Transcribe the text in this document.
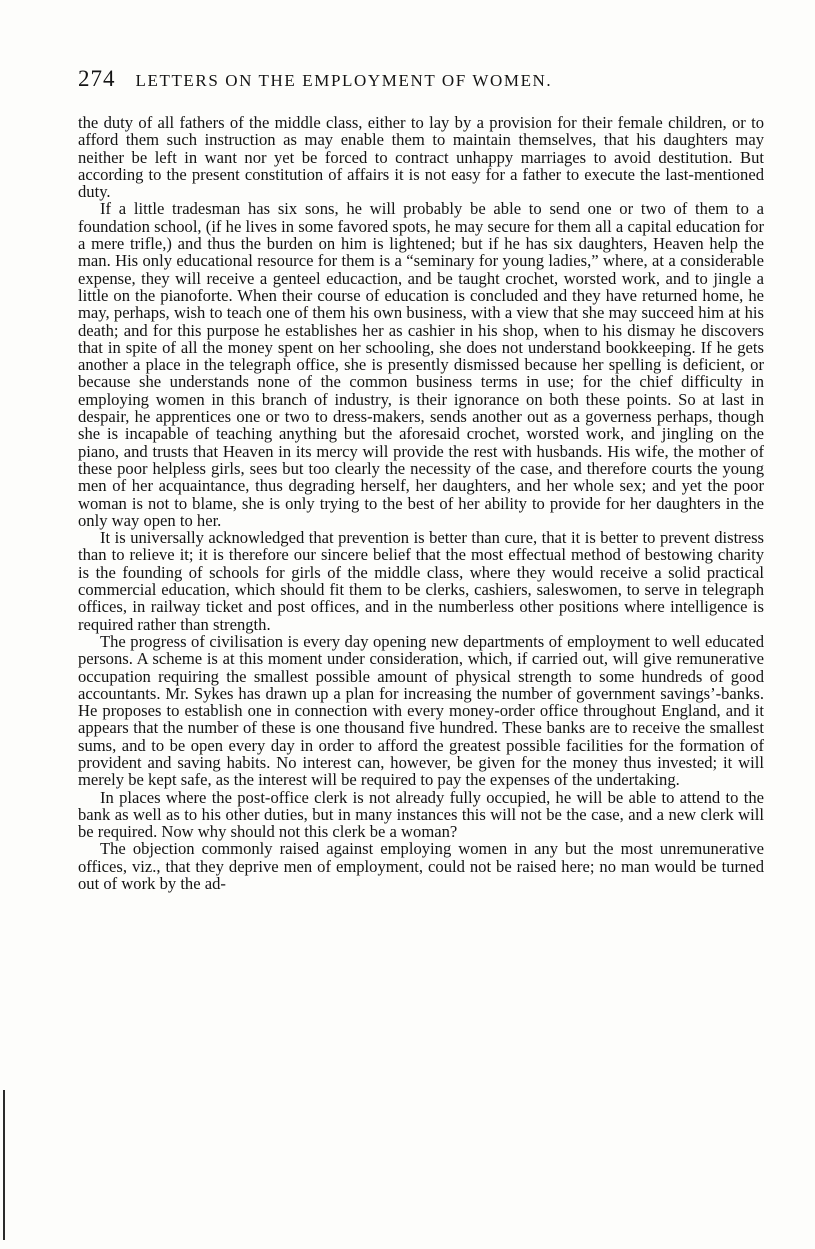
274 LETTERS ON THE EMPLOYMENT OF WOMEN.

the duty of all fathers of the middle class, either to lay by a provision for their female children, or to afford them such instruction as may enable them to maintain themselves, that his daughters may neither be left in want nor yet be forced to contract unhappy marriages to avoid destitution. But according to the present constitution of affairs it is not easy for a father to execute the last-mentioned duty.

If a little tradesman has six sons, he will probably be able to send one or two of them to a foundation school, (if he lives in some favored spots, he may secure for them all a capital education for a mere trifle,) and thus the burden on him is lightened; but if he has six daughters, Heaven help the man. His only educational resource for them is a “seminary for young ladies,” where, at a considerable expense, they will receive a genteel educaction, and be taught crochet, worsted work, and to jingle a little on the pianoforte. When their course of education is concluded and they have returned home, he may, perhaps, wish to teach one of them his own business, with a view that she may succeed him at his death; and for this purpose he establishes her as cashier in his shop, when to his dismay he discovers that in spite of all the money spent on her schooling, she does not understand bookkeeping. If he gets another a place in the telegraph office, she is presently dismissed because her spelling is deficient, or because she understands none of the common business terms in use; for the chief difficulty in employing women in this branch of industry, is their ignorance on both these points. So at last in despair, he apprentices one or two to dress-makers, sends another out as a governess perhaps, though she is incapable of teaching anything but the aforesaid crochet, worsted work, and jingling on the piano, and trusts that Heaven in its mercy will provide the rest with husbands. His wife, the mother of these poor helpless girls, sees but too clearly the necessity of the case, and therefore courts the young men of her acquaintance, thus degrading herself, her daughters, and her whole sex; and yet the poor woman is not to blame, she is only trying to the best of her ability to provide for her daughters in the only way open to her.

It is universally acknowledged that prevention is better than cure, that it is better to prevent distress than to relieve it; it is therefore our sincere belief that the most effectual method of bestowing charity is the founding of schools for girls of the middle class, where they would receive a solid practical commercial education, which should fit them to be clerks, cashiers, saleswomen, to serve in telegraph offices, in railway ticket and post offices, and in the numberless other positions where intelligence is required rather than strength.

The progress of civilisation is every day opening new departments of employment to well educated persons. A scheme is at this moment under consideration, which, if carried out, will give remunerative occupation requiring the smallest possible amount of physical strength to some hundreds of good accountants. Mr. Sykes has drawn up a plan for increasing the number of government savings’-banks. He proposes to establish one in connection with every money-order office throughout England, and it appears that the number of these is one thousand five hundred. These banks are to receive the smallest sums, and to be open every day in order to afford the greatest possible facilities for the formation of provident and saving habits. No interest can, however, be given for the money thus invested; it will merely be kept safe, as the interest will be required to pay the expenses of the undertaking.

In places where the post-office clerk is not already fully occupied, he will be able to attend to the bank as well as to his other duties, but in many instances this will not be the case, and a new clerk will be required. Now why should not this clerk be a woman?

The objection commonly raised against employing women in any but the most unremunerative offices, viz., that they deprive men of employment, could not be raised here; no man would be turned out of work by the ad-
